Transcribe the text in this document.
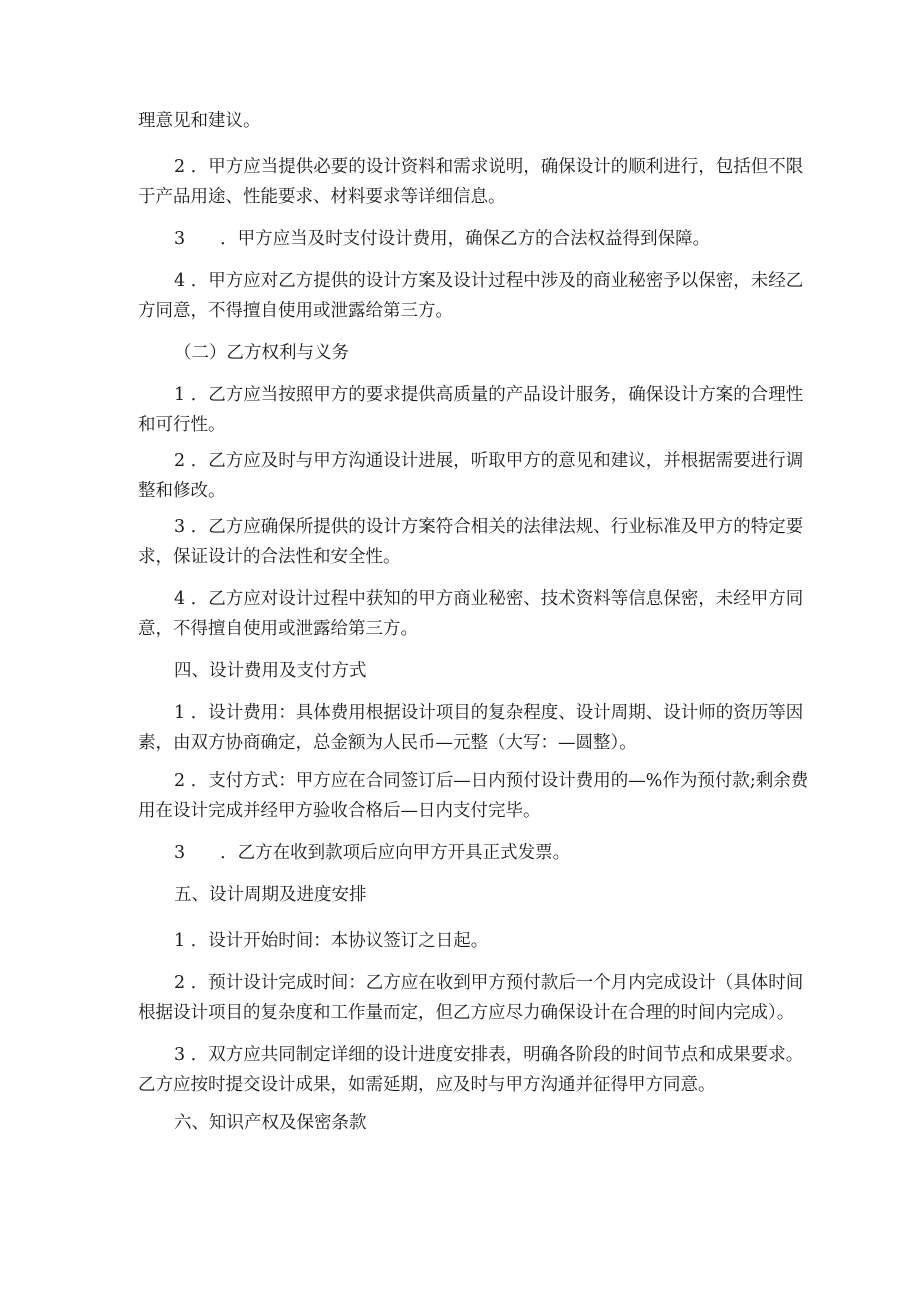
理意见和建议。
2 ．甲方应当提供必要的设计资料和需求说明，确保设计的顺利进行，包括但不限
于产品用途、性能要求、材料要求等详细信息。
3　　．甲方应当及时支付设计费用，确保乙方的合法权益得到保障。
4 ．甲方应对乙方提供的设计方案及设计过程中涉及的商业秘密予以保密，未经乙
方同意，不得擅自使用或泄露给第三方。
（二）乙方权利与义务
1 ．乙方应当按照甲方的要求提供高质量的产品设计服务，确保设计方案的合理性
和可行性。
2 ．乙方应及时与甲方沟通设计进展，听取甲方的意见和建议，并根据需要进行调
整和修改。
3 ．乙方应确保所提供的设计方案符合相关的法律法规、行业标准及甲方的特定要
求，保证设计的合法性和安全性。
4 ．乙方应对设计过程中获知的甲方商业秘密、技术资料等信息保密，未经甲方同
意，不得擅自使用或泄露给第三方。
四、设计费用及支付方式
1 ．设计费用：具体费用根据设计项目的复杂程度、设计周期、设计师的资历等因
素，由双方协商确定，总金额为人民币—元整（大写：—圆整）。
2 ．支付方式：甲方应在合同签订后—日内预付设计费用的—%作为预付款;剩余费
用在设计完成并经甲方验收合格后—日内支付完毕。
3　　．乙方在收到款项后应向甲方开具正式发票。
五、设计周期及进度安排
1 ．设计开始时间：本协议签订之日起。
2 ．预计设计完成时间：乙方应在收到甲方预付款后一个月内完成设计（具体时间
根据设计项目的复杂度和工作量而定，但乙方应尽力确保设计在合理的时间内完成）。
3 ．双方应共同制定详细的设计进度安排表，明确各阶段的时间节点和成果要求。
乙方应按时提交设计成果，如需延期，应及时与甲方沟通并征得甲方同意。
六、知识产权及保密条款
